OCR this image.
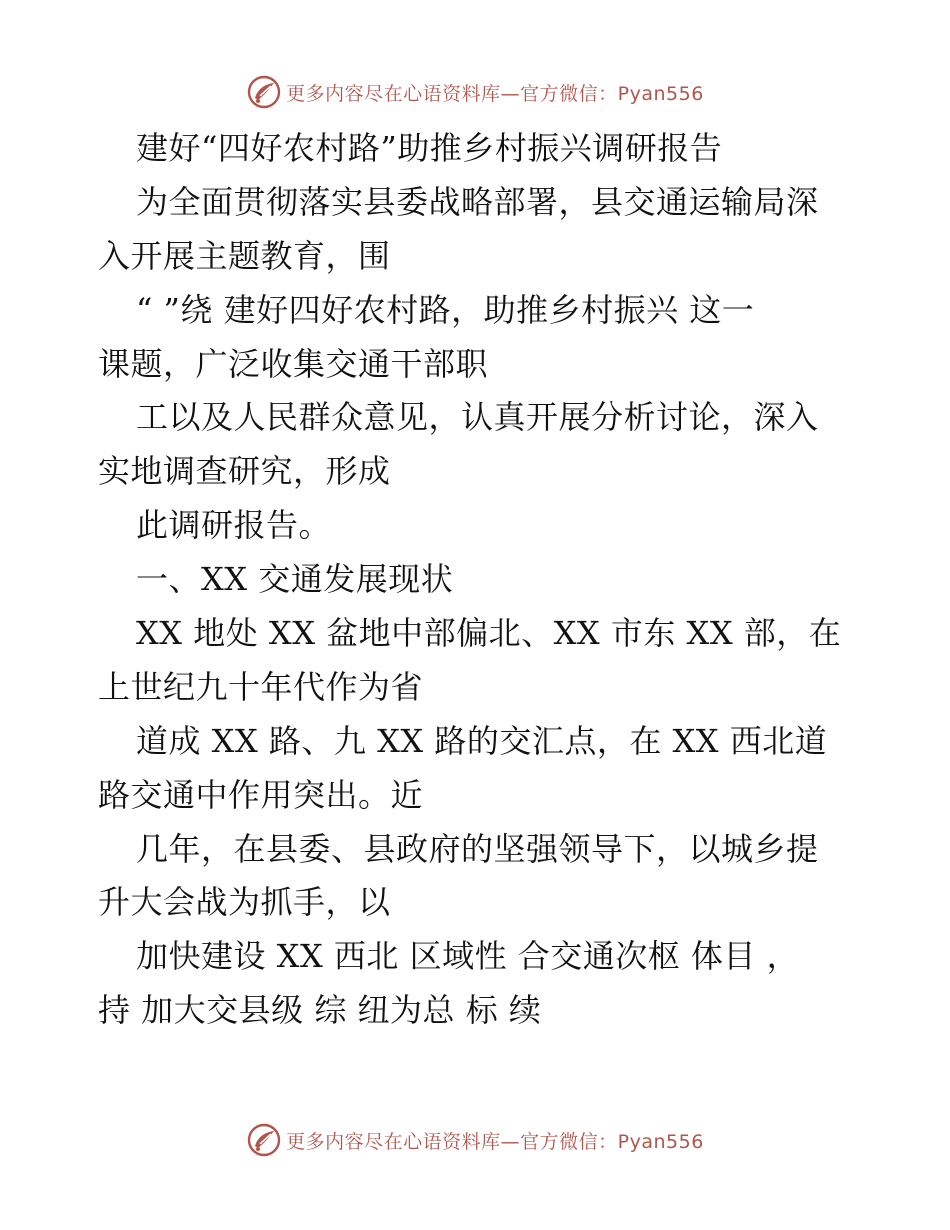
更多内容尽在心语资料库—官方微信：Pyan556
建好“四好农村路”助推乡村振兴调研报告
为全面贯彻落实县委战略部署，县交通运输局深
入开展主题教育，围
“ ”绕 建好四好农村路，助推乡村振兴 这一
课题，广泛收集交通干部职
工以及人民群众意见，认真开展分析讨论，深入
实地调查研究，形成
此调研报告。
一、XX 交通发展现状
XX 地处 XX 盆地中部偏北、XX 市东 XX 部，在
上世纪九十年代作为省
道成 XX 路、九 XX 路的交汇点，在 XX 西北道
路交通中作用突出。近
几年，在县委、县政府的坚强领导下，以城乡提
升大会战为抓手，以
加快建设 XX 西北 区域性 合交通次枢 体目 ，
持 加大交县级 综 纽为总 标 续
更多内容尽在心语资料库—官方微信：Pyan556
